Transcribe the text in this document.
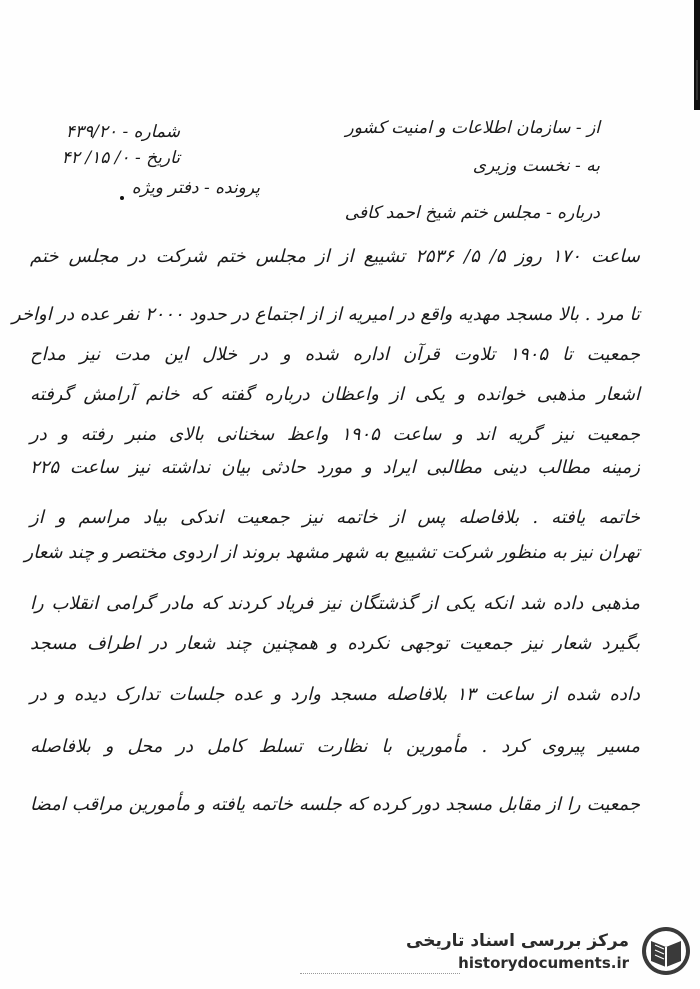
از - سازمان اطلاعات و امنیت کشور
شماره - ۴۳۹/۲۰
به - نخست وزیری
تاریخ - ۰/ ۱۵/ ۴۲
پرونده - دفتر ویژه
درباره - مجلس ختم شیخ احمد کافی
ساعت ۱۷۰ روز ۵/ ۵/ ۲۵۳۶ تشییع از از مجلس ختم شرکت در مجلس ختم
تا مرد . بالا مسجد مهدیه واقع در امیریه از از اجتماع در حدود ۲۰۰۰ نفر عده در اواخر
جمعیت تا ۱۹۰۵ تلاوت قرآن اداره شده و در خلال این مدت نیز مداح
اشعار مذهبی خوانده و یکی از واعظان درباره گفته که خانم آرامش گرفته
جمعیت نیز گریه اند و ساعت ۱۹۰۵ واعظ سخنانی بالای منبر رفته و در
زمینه مطالب دینی مطالبی ایراد و مورد حادثی بیان نداشته نیز ساعت ۲۲۵
خاتمه یافته . بلافاصله پس از خاتمه نیز جمعیت اندکی بیاد مراسم و از
تهران نیز به منظور شرکت تشییع به شهر مشهد بروند از اردوی مختصر و چند شعار
مذهبی داده شد انکه یکی از گذشتگان نیز فریاد کردند که مادر گرامی انقلاب را
بگیرد شعار نیز جمعیت توجهی نکرده و همچنین چند شعار در اطراف مسجد
داده شده از ساعت ۱۳ بلافاصله مسجد وارد و عده جلسات تدارک دیده و در
مسیر پیروی کرد . مأمورین با نظارت تسلط کامل در محل و بلافاصله
جمعیت را از مقابل مسجد دور کرده که جلسه خاتمه یافته و مأمورین مراقب امضا
مرکز بررسی اسناد تاریخی
historydocuments.ir
